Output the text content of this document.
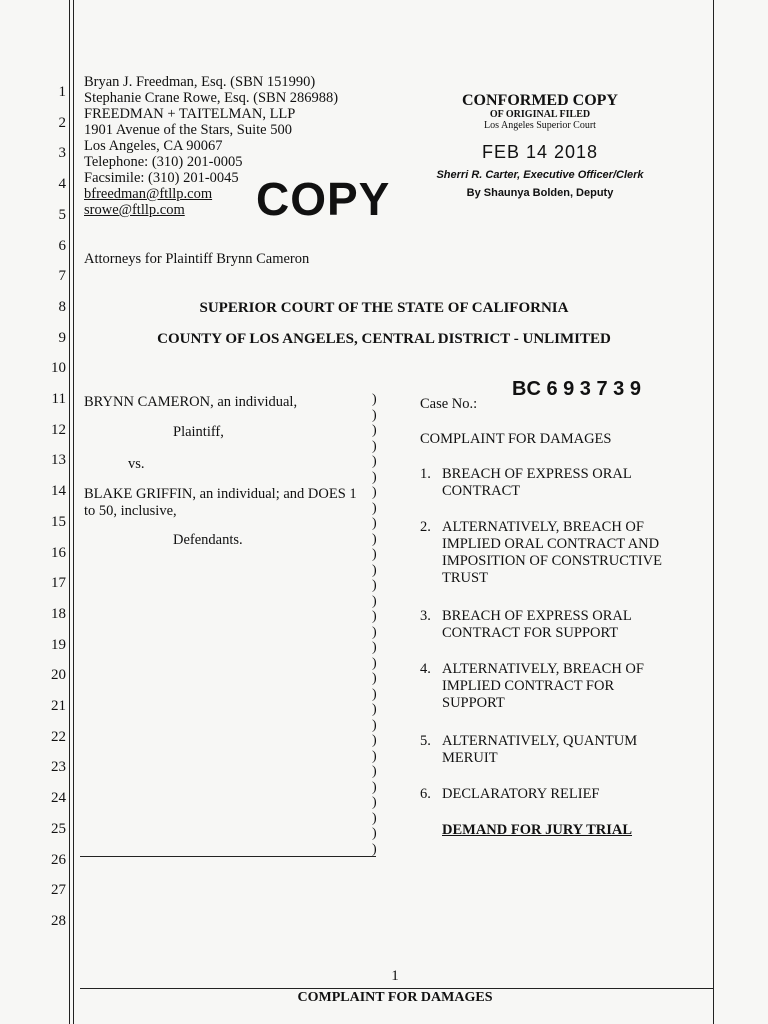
1
2
3
4
5
6
7
8
9
10
11
12
13
14
15
16
17
18
19
20
21
22
23
24
25
26
27
28
Bryan J. Freedman, Esq. (SBN 151990)
Stephanie Crane Rowe, Esq. (SBN 286988)
FREEDMAN + TAITELMAN, LLP
1901 Avenue of the Stars, Suite 500
Los Angeles, CA 90067
Telephone: (310) 201-0005
Facsimile: (310) 201-0045
bfreedman@ftllp.com
srowe@ftllp.com	COPY
CONFORMED COPY
OF ORIGINAL FILED
Los Angeles Superior Court
FEB 14 2018
Sherri R. Carter, Executive Officer/Clerk
By Shaunya Bolden, Deputy
Attorneys for Plaintiff Brynn Cameron
SUPERIOR COURT OF THE STATE OF CALIFORNIA
COUNTY OF LOS ANGELES, CENTRAL DISTRICT - UNLIMITED
BRYNN CAMERON, an individual,
Plaintiff,
vs.
BLAKE GRIFFIN, an individual; and DOES 1
to 50, inclusive,
Defendants.
)
)
)
)
)
)
)
)
)
)
)
)
)
)
)
)
)
)
)
)
)
)
)
)
)
)
)
)
)
)
Case No.:
BC 6 9 3 7 3 9
COMPLAINT FOR DAMAGES
1. BREACH OF EXPRESS ORAL
CONTRACT
2. ALTERNATIVELY, BREACH OF
IMPLIED ORAL CONTRACT AND
IMPOSITION OF CONSTRUCTIVE
TRUST
3. BREACH OF EXPRESS ORAL
CONTRACT FOR SUPPORT
4. ALTERNATIVELY, BREACH OF
IMPLIED CONTRACT FOR
SUPPORT
5. ALTERNATIVELY, QUANTUM
MERUIT
6. DECLARATORY RELIEF
DEMAND FOR JURY TRIAL
1
COMPLAINT FOR DAMAGES
